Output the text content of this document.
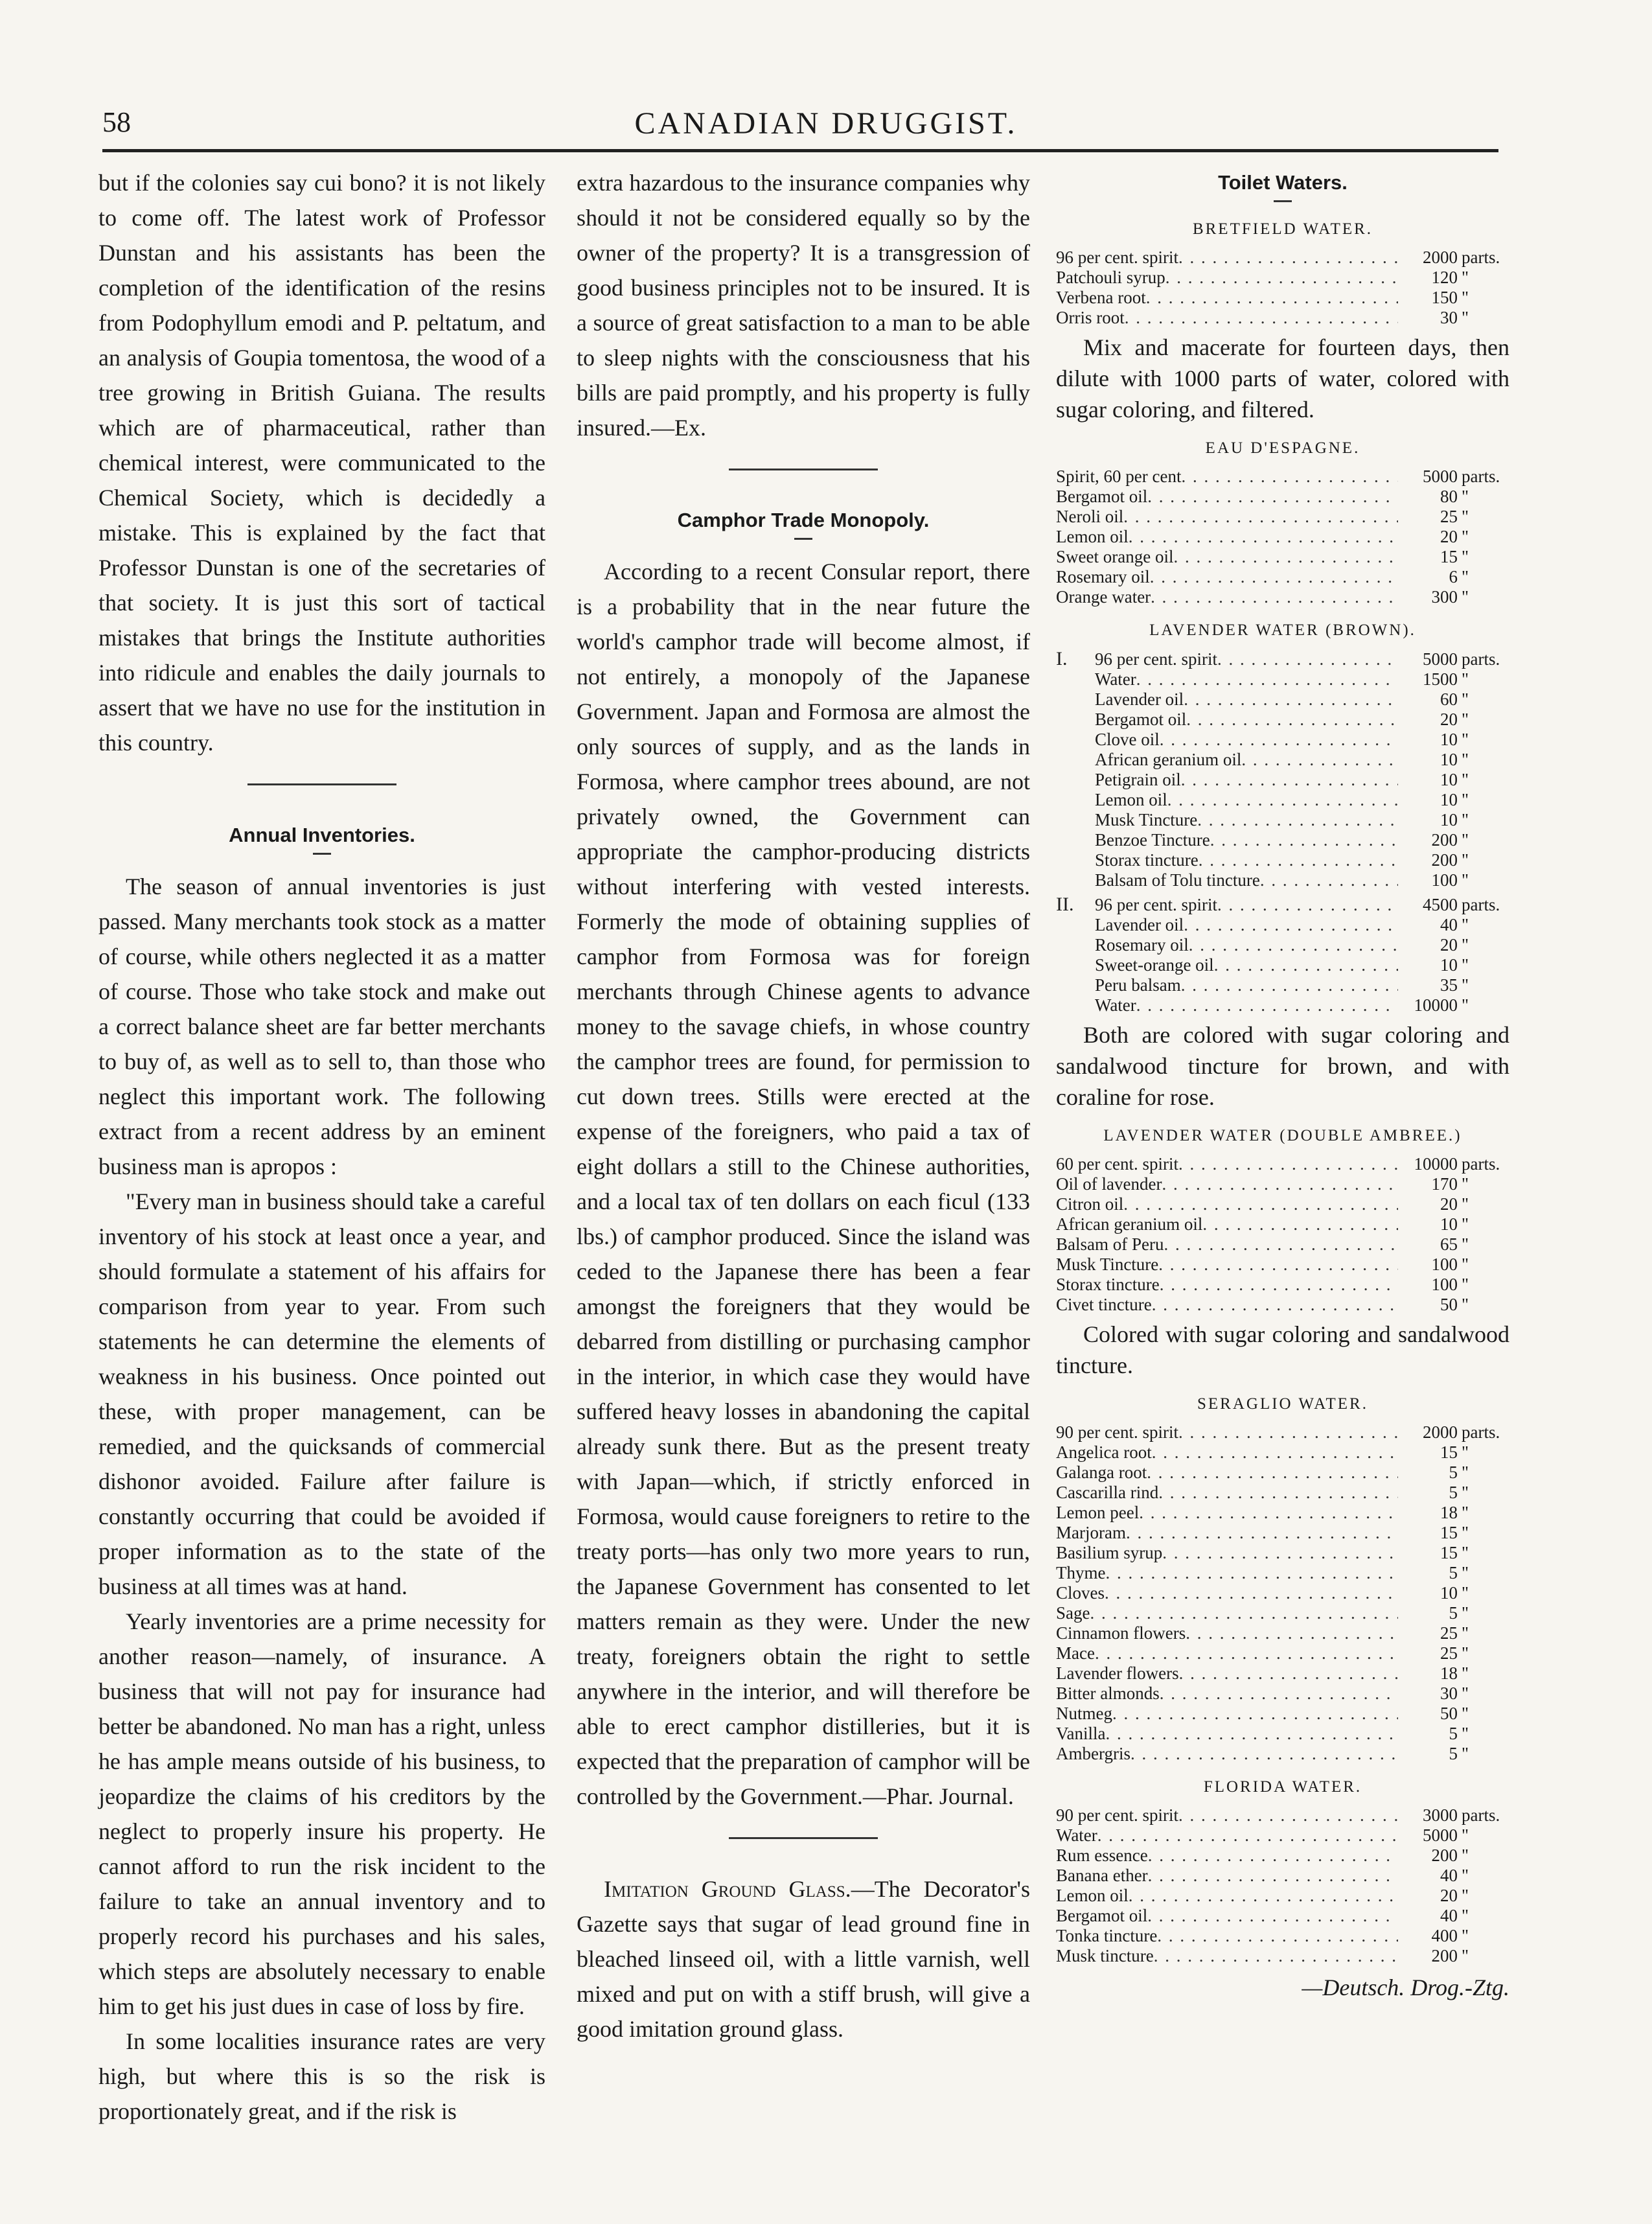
58	CANADIAN DRUGGIST.

but if the colonies say cui bono? it is not likely to come off. The latest work of Professor Dunstan and his assistants has been the completion of the identification of the resins from Podophyllum emodi and P. peltatum, and an analysis of Goupia tomentosa, the wood of a tree growing in British Guiana. The results which are of pharmaceutical, rather than chemical interest, were communicated to the Chemical Society, which is decidedly a mistake. This is explained by the fact that Professor Dunstan is one of the secretaries of that society. It is just this sort of tactical mistakes that brings the Institute authorities into ridicule and enables the daily journals to assert that we have no use for the institution in this country.

Annual Inventories.

The season of annual inventories is just passed. Many merchants took stock as a matter of course, while others neglected it as a matter of course. Those who take stock and make out a correct balance sheet are far better merchants to buy of, as well as to sell to, than those who neglect this important work. The following extract from a recent address by an eminent business man is apropos :

"Every man in business should take a careful inventory of his stock at least once a year, and should formulate a statement of his affairs for comparison from year to year. From such statements he can determine the elements of weakness in his business. Once pointed out these, with proper management, can be remedied, and the quicksands of commercial dishonor avoided. Failure after failure is constantly occurring that could be avoided if proper information as to the state of the business at all times was at hand.

Yearly inventories are a prime necessity for another reason—namely, of insurance. A business that will not pay for insurance had better be abandoned. No man has a right, unless he has ample means outside of his business, to jeopardize the claims of his creditors by the neglect to properly insure his property. He cannot afford to run the risk incident to the failure to take an annual inventory and to properly record his purchases and his sales, which steps are absolutely necessary to enable him to get his just dues in case of loss by fire.

In some localities insurance rates are very high, but where this is so the risk is proportionately great, and if the risk is

extra hazardous to the insurance companies why should it not be considered equally so by the owner of the property? It is a transgression of good business principles not to be insured. It is a source of great satisfaction to a man to be able to sleep nights with the consciousness that his bills are paid promptly, and his property is fully insured.—Ex.

Camphor Trade Monopoly.

According to a recent Consular report, there is a probability that in the near future the world's camphor trade will become almost, if not entirely, a monopoly of the Japanese Government. Japan and Formosa are almost the only sources of supply, and as the lands in Formosa, where camphor trees abound, are not privately owned, the Government can appropriate the camphor-producing districts without interfering with vested interests. Formerly the mode of obtaining supplies of camphor from Formosa was for foreign merchants through Chinese agents to advance money to the savage chiefs, in whose country the camphor trees are found, for permission to cut down trees. Stills were erected at the expense of the foreigners, who paid a tax of eight dollars a still to the Chinese authorities, and a local tax of ten dollars on each ficul (133 lbs.) of camphor produced. Since the island was ceded to the Japanese there has been a fear amongst the foreigners that they would be debarred from distilling or purchasing camphor in the interior, in which case they would have suffered heavy losses in abandoning the capital already sunk there. But as the present treaty with Japan—which, if strictly enforced in Formosa, would cause foreigners to retire to the treaty ports—has only two more years to run, the Japanese Government has consented to let matters remain as they were. Under the new treaty, foreigners obtain the right to settle anywhere in the interior, and will therefore be able to erect camphor distilleries, but it is expected that the preparation of camphor will be controlled by the Government.—Phar. Journal.

Imitation Ground Glass.—The Decorator's Gazette says that sugar of lead ground fine in bleached linseed oil, with a little varnish, well mixed and put on with a stiff brush, will give a good imitation ground glass.

Toilet Waters.
BRETFIELD WATER.
96 per cent. spirit . . .	2000 parts.
Patchouli syrup . . .	120 "
Verbena root . . .	150 "
Orris root . . .	30 "

Mix and macerate for fourteen days, then dilute with 1000 parts of water, colored with sugar coloring, and filtered.

EAU D'ESPAGNE.
Spirit, 60 per cent . . .	5000 parts.
Bergamot oil . . .	80 "
Neroli oil . . .	25 "
Lemon oil . . .	20 "
Sweet orange oil . . .	15 "
Rosemary oil . . .	6 "
Orange water . . .	300 "
LAVENDER WATER (BROWN).
I.	96 per cent. spirit . . .	5000 parts.
Water . . .	1500 "
Lavender oil . . .	60 "
Bergamot oil . . .	20 "
Clove oil . . .	10 "
African geranium oil . . .	10 "
Petigrain oil . . .	10 "
Lemon oil . . .	10 "
Musk Tincture . . .	10 "
Benzoe Tincture . . .	200 "
Storax tincture . . .	200 "
Balsam of Tolu tincture . . .	100 "
II.	96 per cent. spirit . . .	4500 parts.
Lavender oil . . .	40 "
Rosemary oil . . .	20 "
Sweet-orange oil . . .	10 "
Peru balsam . . .	35 "
Water . . .	10000 "

Both are colored with sugar coloring and sandalwood tincture for brown, and with coraline for rose.

LAVENDER WATER (DOUBLE AMBREE.)
60 per cent. spirit . . .	10000 parts.
Oil of lavender . . .	170 "
Citron oil . . .	20 "
African geranium oil . . .	10 "
Balsam of Peru . . .	65 "
Musk Tincture . . .	100 "
Storax tincture . . .	100 "
Civet tincture . . .	50 "

Colored with sugar coloring and sandalwood tincture.

SERAGLIO WATER.
90 per cent. spirit . . .	2000 parts.
Angelica root . . .	15 "
Galanga root . . .	5 "
Cascarilla rind . . .	5 "
Lemon peel . . .	18 "
Marjoram . . .	15 "
Basilium syrup . . .	15 "
Thyme . . .	5 "
Cloves . . .	10 "
Sage . . .	5 "
Cinnamon flowers . . .	25 "
Mace . . .	25 "
Lavender flowers . . .	18 "
Bitter almonds . . .	30 "
Nutmeg . . .	50 "
Vanilla . . .	5 "
Ambergris . . .	5 "
FLORIDA WATER.
90 per cent. spirit . . .	3000 parts.
Water . . .	5000 "
Rum essence . . .	200 "
Banana ether . . .	40 "
Lemon oil . . .	20 "
Bergamot oil . . .	40 "
Tonka tincture . . .	400 "
Musk tincture . . .	200 "
—Deutsch. Drog.-Ztg.
